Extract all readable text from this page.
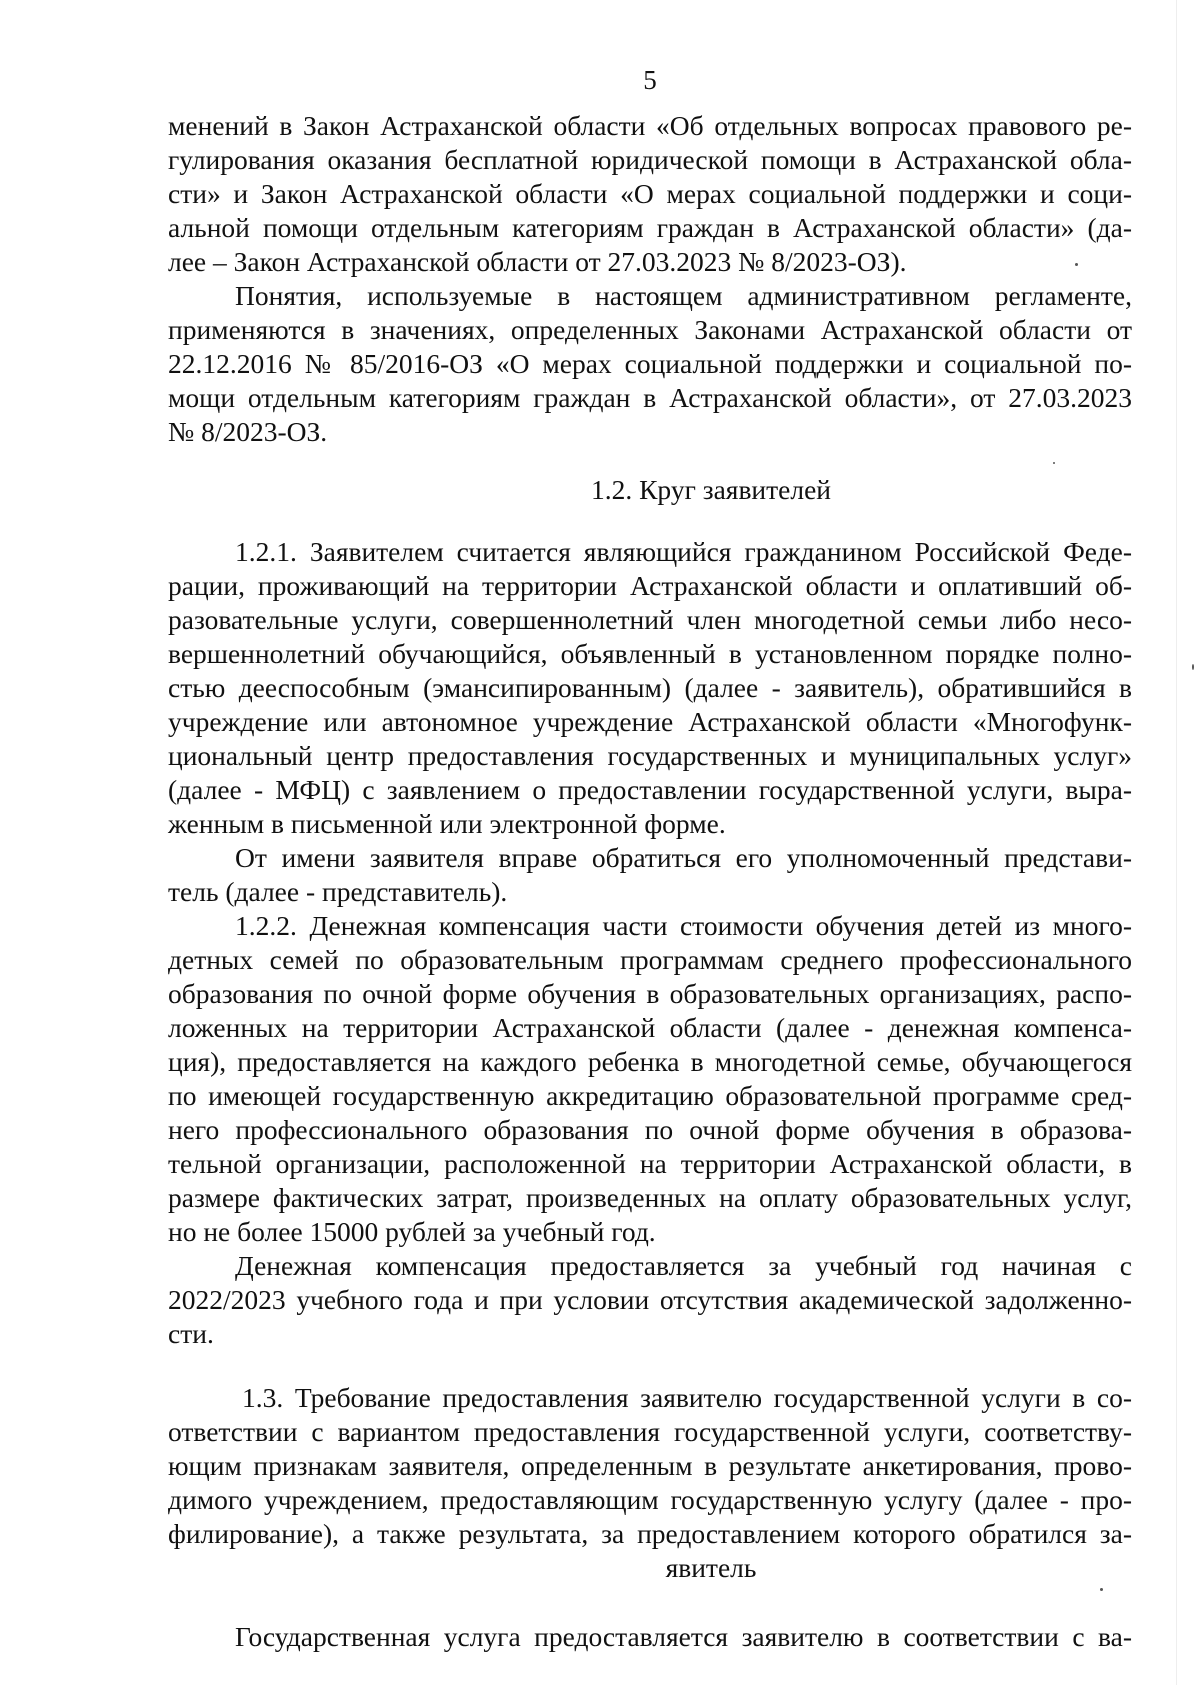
5
менений в Закон Астраханской области «Об отдельных вопросах правового ре-
гулирования оказания бесплатной юридической помощи в Астраханской обла-
сти» и Закон Астраханской области «О мерах социальной поддержки и соци-
альной помощи отдельным категориям граждан в Астраханской области» (да-
лее – Закон Астраханской области от 27.03.2023 № 8/2023-ОЗ).
Понятия, используемые в настоящем административном регламенте,
применяются в значениях, определенных Законами Астраханской области от
22.12.2016 № 85/2016-ОЗ «О мерах социальной поддержки и социальной по-
мощи отдельным категориям граждан в Астраханской области», от 27.03.2023
№ 8/2023-ОЗ.
1.2. Круг заявителей
1.2.1. Заявителем считается являющийся гражданином Российской Феде-
рации, проживающий на территории Астраханской области и оплативший об-
разовательные услуги, совершеннолетний член многодетной семьи либо несо-
вершеннолетний обучающийся, объявленный в установленном порядке полно-
стью дееспособным (эмансипированным) (далее - заявитель), обратившийся в
учреждение или автономное учреждение Астраханской области «Многофунк-
циональный центр предоставления государственных и муниципальных услуг»
(далее - МФЦ) с заявлением о предоставлении государственной услуги, выра-
женным в письменной или электронной форме.
От имени заявителя вправе обратиться его уполномоченный представи-
тель (далее - представитель).
1.2.2. Денежная компенсация части стоимости обучения детей из много-
детных семей по образовательным программам среднего профессионального
образования по очной форме обучения в образовательных организациях, распо-
ложенных на территории Астраханской области (далее - денежная компенса-
ция), предоставляется на каждого ребенка в многодетной семье, обучающегося
по имеющей государственную аккредитацию образовательной программе сред-
него профессионального образования по очной форме обучения в образова-
тельной организации, расположенной на территории Астраханской области, в
размере фактических затрат, произведенных на оплату образовательных услуг,
но не более 15000 рублей за учебный год.
Денежная компенсация предоставляется за учебный год начиная с
2022/2023 учебного года и при условии отсутствия академической задолженно-
сти.
1.3. Требование предоставления заявителю государственной услуги в со-
ответствии с вариантом предоставления государственной услуги, соответству-
ющим признакам заявителя, определенным в результате анкетирования, прово-
димого учреждением, предоставляющим государственную услугу (далее - про-
филирование), а также результата, за предоставлением которого обратился за-
явитель
Государственная услуга предоставляется заявителю в соответствии с ва-
